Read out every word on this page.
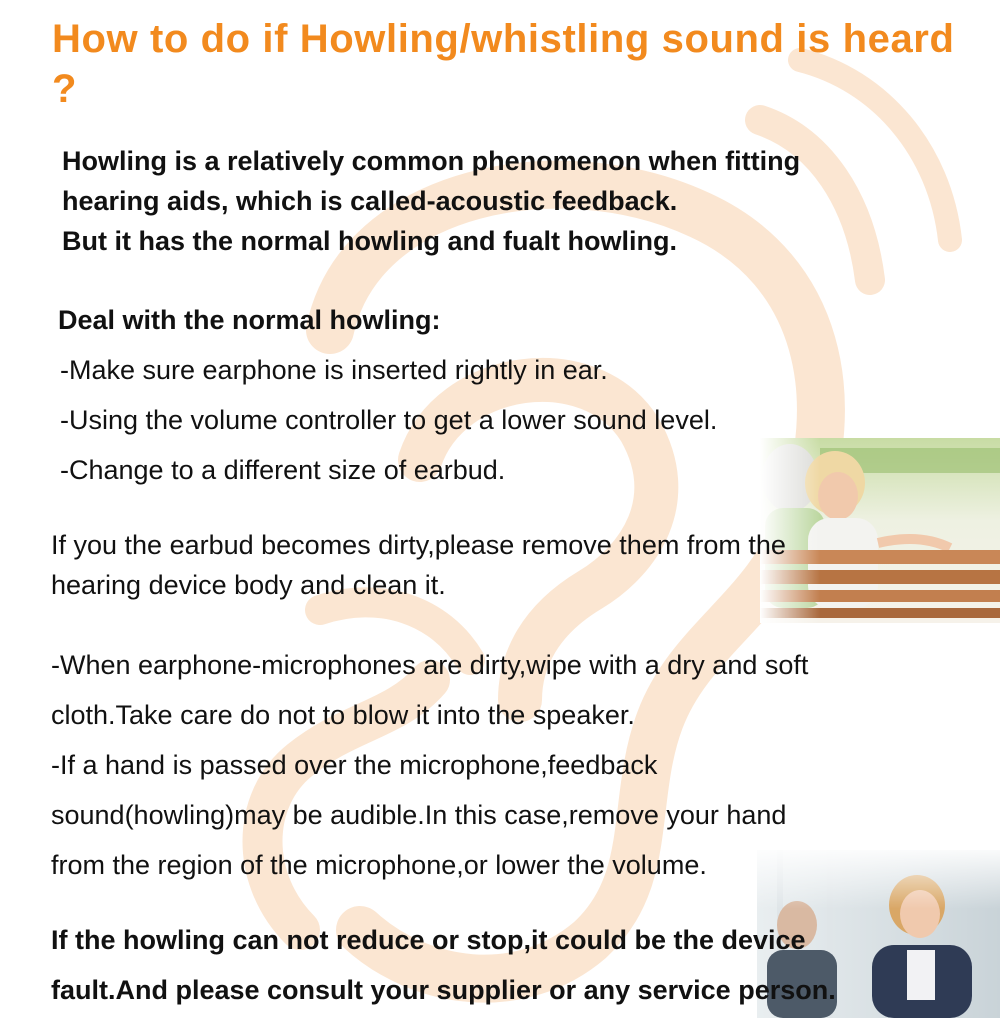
How to do if Howling/whistling sound is heard ?
Howling is a relatively common phenomenon when fitting
hearing aids, which is called-acoustic feedback.
But it has the normal howling and fualt howling.
Deal with the normal howling:
-Make sure earphone is inserted rightly in ear.
-Using the volume controller to get a lower sound level.
-Change to a different size of earbud.
If you the earbud becomes dirty,please remove them from the
hearing device body and clean it.
-When earphone-microphones are dirty,wipe with a dry and soft
cloth.Take care do not to blow it into the speaker.
-If a hand is passed over the microphone,feedback
sound(howling)may be audible.In this case,remove your hand
from the region of the microphone,or lower the volume.
If the howling can not reduce or stop,it could be the device
fault.And please consult your supplier or any service person.
